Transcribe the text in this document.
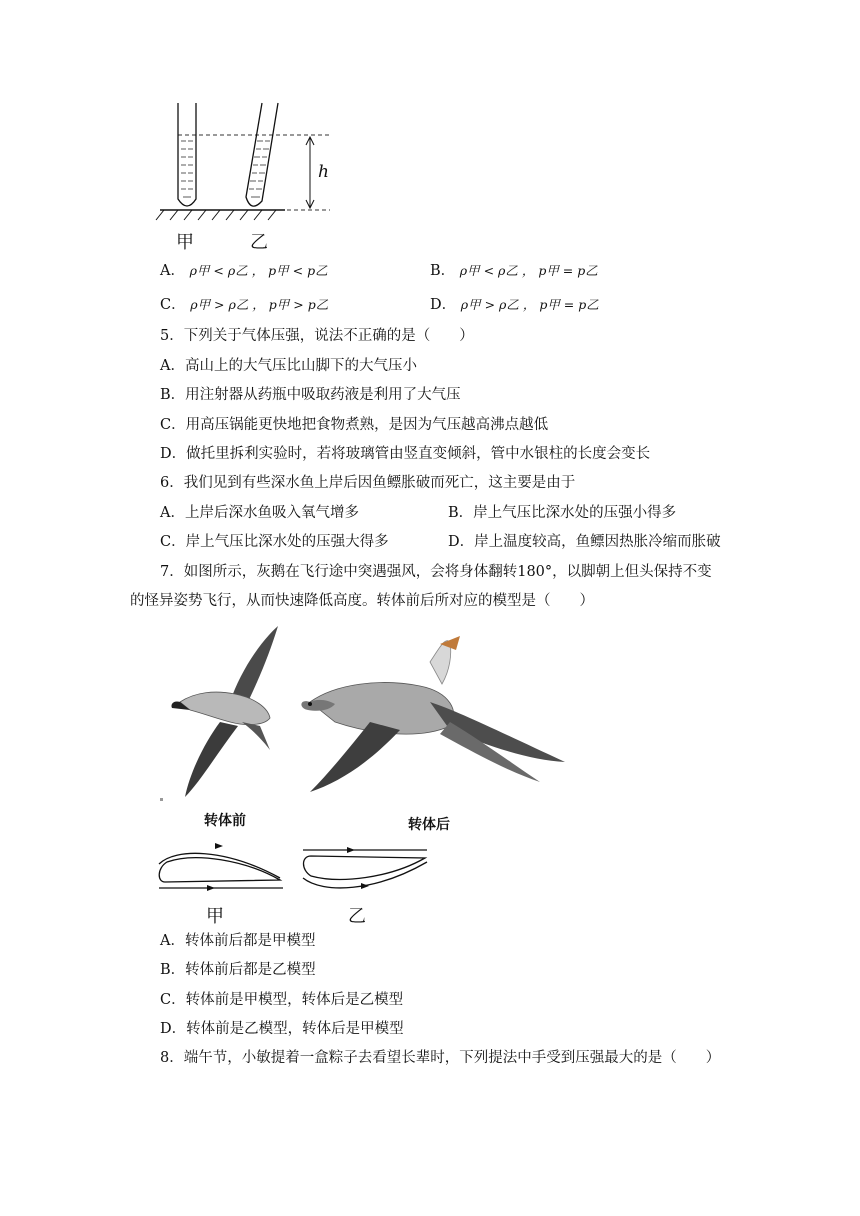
h
甲	乙
A． ρ甲 < ρ乙 ， p甲 < p乙	B． ρ甲 < ρ乙 ， p甲 = p乙
C． ρ甲 > ρ乙 ， p甲 > p乙	D． ρ甲 > ρ乙 ， p甲 = p乙
5．下列关于气体压强，说法不正确的是（　　）
A．高山上的大气压比山脚下的大气压小
B．用注射器从药瓶中吸取药液是利用了大气压
C．用高压锅能更快地把食物煮熟，是因为气压越高沸点越低
D．做托里拆利实验时，若将玻璃管由竖直变倾斜，管中水银柱的长度会变长
6．我们见到有些深水鱼上岸后因鱼鳔胀破而死亡，这主要是由于
A．上岸后深水鱼吸入氧气增多	B．岸上气压比深水处的压强小得多
C．岸上气压比深水处的压强大得多	D．岸上温度较高，鱼鳔因热胀冷缩而胀破
7．如图所示，灰鹅在飞行途中突遇强风，会将身体翻转180°，以脚朝上但头保持不变
的怪异姿势飞行，从而快速降低高度。转体前后所对应的模型是（　　）
转体前	转体后
甲	乙
A．转体前后都是甲模型
B．转体前后都是乙模型
C．转体前是甲模型，转体后是乙模型
D．转体前是乙模型，转体后是甲模型
8．端午节，小敏提着一盒粽子去看望长辈时，下列提法中手受到压强最大的是（　　）
